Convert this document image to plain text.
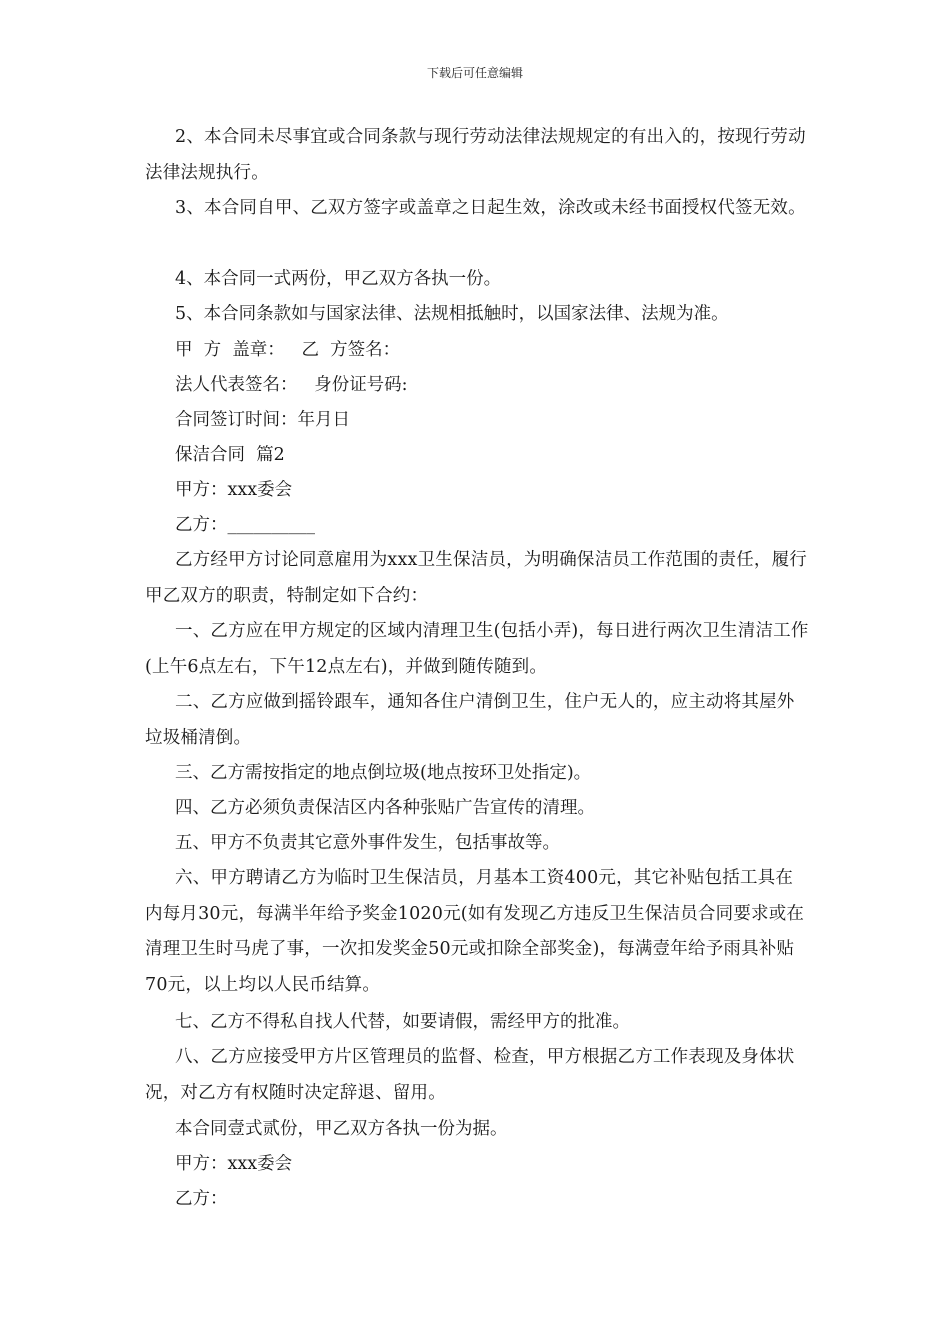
下载后可任意编辑

2、本合同未尽事宜或合同条款与现行劳动法律法规规定的有出入的，按现行劳动法律法规执行。

3、本合同自甲、乙双方签字或盖章之日起生效，涂改或未经书面授权代签无效。

4、本合同一式两份，甲乙双方各执一份。

5、本合同条款如与国家法律、法规相抵触时，以国家法律、法规为准。

甲  方  盖章：   乙  方签名：

法人代表签名：   身份证号码:

合同签订时间：年月日

保洁合同  篇2

甲方：xxx委会

乙方：__________

乙方经甲方讨论同意雇用为xxx卫生保洁员，为明确保洁员工作范围的责任，履行甲乙双方的职责，特制定如下合约：

一、乙方应在甲方规定的区域内清理卫生(包括小弄)，每日进行两次卫生清洁工作(上午6点左右，下午12点左右)，并做到随传随到。

二、乙方应做到摇铃跟车，通知各住户清倒卫生，住户无人的，应主动将其屋外垃圾桶清倒。

三、乙方需按指定的地点倒垃圾(地点按环卫处指定)。

四、乙方必须负责保洁区内各种张贴广告宣传的清理。

五、甲方不负责其它意外事件发生，包括事故等。

六、甲方聘请乙方为临时卫生保洁员，月基本工资400元，其它补贴包括工具在内每月30元，每满半年给予奖金1020元(如有发现乙方违反卫生保洁员合同要求或在清理卫生时马虎了事，一次扣发奖金50元或扣除全部奖金)，每满壹年给予雨具补贴70元，以上均以人民币结算。

七、乙方不得私自找人代替，如要请假，需经甲方的批准。

八、乙方应接受甲方片区管理员的监督、检查，甲方根据乙方工作表现及身体状况，对乙方有权随时决定辞退、留用。

本合同壹式贰份，甲乙双方各执一份为据。

甲方：xxx委会

乙方：
